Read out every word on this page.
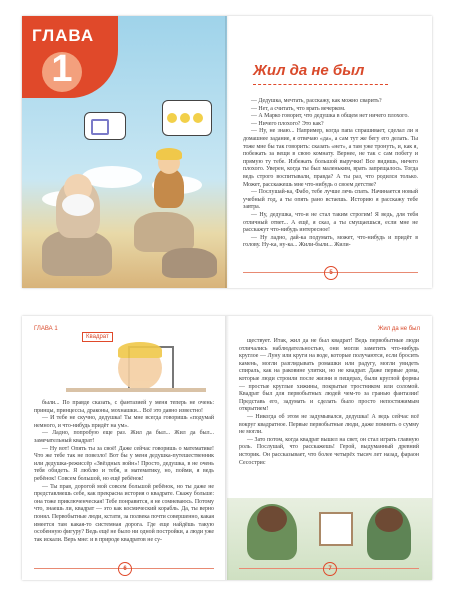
ГЛАВА
1	Жил да не был

— Дедушка, мечтать, расскажу, как можно сварить?

— Нет, а считать, что врать вечерком.

— А Марко говорит, что дедушка в общем нет ничего плохого.

— Ничего плохого? Это как?

— Ну, не знаю... Например, когда папа спрашивает, сделал ли я домашнее задание, я отвечаю «да», а сам тут же бегу его делать. Ты тоже мне бы так говорить: сказать «нет», а там уже тронуть, и, как я, побежать за вещи в свою комнату. Вернее, не так с сам побегу и прямую ту тебе. Избежать большой выручки! Все видишь, ничего плохого. Уверен, когда ты был маленьким, врать запрещалось. Тогда ведь строго воспитывали, правда? А ты раз, что родился только. Может, расскажешь мне что-нибудь о своем детстве?

— Послушай-ка, Фабо, тебе лучше лечь спать. Начинается новый учебный год, а ты опять рано встаешь. Историю я расскажу тебе завтра.

— Ну, дедушка, что-и не стал таким строгим! Я ведь, для тебя отличный ответ... А ещё, я сказ, а ты смущаешься, если мне не расскажут что-нибудь интересное!

— Ну ладно, дай-ка подумать, может, что-нибудь и придёт в голову. Ну-ка, ну-ка... Жили-были... Жили-

5
ГЛАВА 1
Квадрат

были... По правде сказать, с фантазией у меня теперь не очень: принцы, принцессы, драконы, мохнашки... Всё это давно известно!

— И тебе не скучно, дедушка! Ты мне всегда говоришь «подумай немного, и что-нибудь придёт на ум».

— Ладно, попробую еще раз. Жил да был... Жил да был... замечательный квадрат!

— Ну вот! Опять ты за своё! Даже сейчас говоришь о математике! Что же тебе так не повезло! Вот бы у меня дедушка-путешественник или дедушка-режиссёр «Звёздных войн»! Просто, дедушка, в не очень тебя обидеть. Я люблю и тебя, и математику, но, пойми, я ведь ребёнок! Совсем большой, но ещё ребёнок!

— Ты прав, дорогой мой совсем большой ребёнок, но ты даже не представляешь себе, как прекрасна история о квадрате. Скажу больше: она тоже приключенческая! Тебе понравится, я не сомневаюсь. Потому что, знаешь ли, квадрат — это как космический корабль. Да, ты верно понял. Первобытные люди, кстати, за полвека почти совершенно, какая имеется там какая-то системная дорога. Где еще найдёшь такую особенную фигуру? Ведь ещё не было ни одной постройки, а люди уже так искали. Верь мне: и в природе квадратов не су-

6
Жил да не был

ществует. Итак, жил да не был квадрат! Ведь первобытные люди отличались наблюдательностью, они могли заметить что-нибудь круглое — Луну или круги на воде, которые получаются, если бросить камень, могли разглядывать ромашки или радугу, могли увидеть спираль, как на раковине улитки, но не квадрат. Даже первые дома, которые люди строили после жизни в пещерах, были круглой формы — простые круглые хижины, покрытые тростником или соломой. Квадрат был для первобытных людей чем-то за гранью фантазии! Представь его, задумать и сделать было просто непостижимым открытием!

— Никогда об этом не задумывался, дедушка! А ведь сейчас всё вокруг квадратное. Первые первобытные люди, даже помнить о сумму не могли.

— Зато потом, когда квадрат вышел на свет, он стал играть главную роль. Послушай, что расскажешь! Герой, выдуманный древний историк. Он рассказывает, что более четырёх тысяч лет назад, фараон Сесострис

7
